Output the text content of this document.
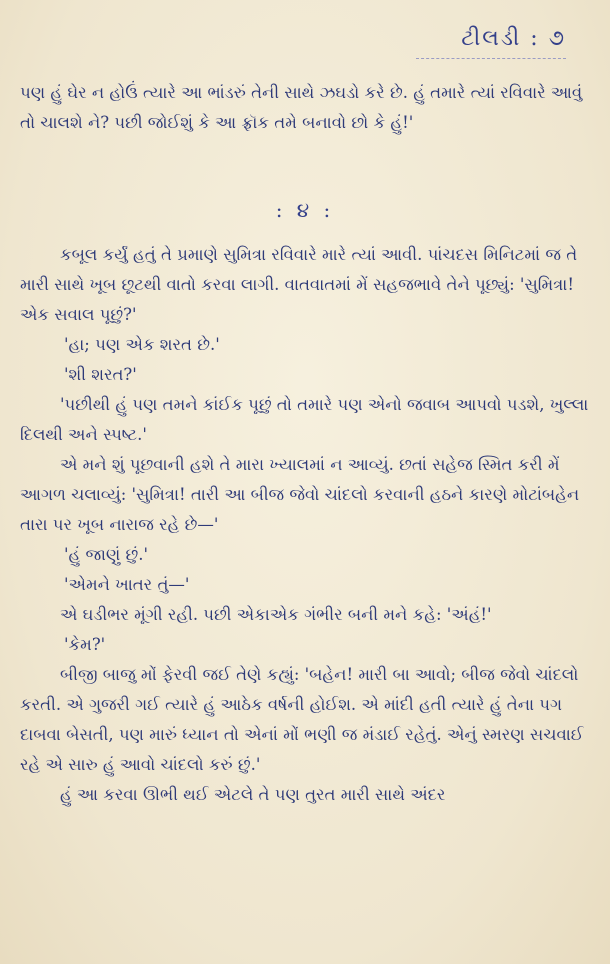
ટીલડી : ૭

પણ હું ઘેર ન હોઉં ત્યારે આ ભાંડરું તેની સાથે ઝઘડો કરે છે. હું તમારે ત્યાં રવિવારે આવું તો ચાલશે ને? પછી જોઈશું કે આ ફ્રૉક તમે બનાવો છો કે હું!'

: ૪ :

કબૂલ કર્યું હતું તે પ્રમાણે સુમિત્રા રવિવારે મારે ત્યાં આવી. પાંચદસ મિનિટમાં જ તે મારી સાથે ખૂબ છૂટથી વાતો કરવા લાગી. વાતવાતમાં મેં સહજભાવે તેને પૂછ્યું: 'સુમિત્રા! એક સવાલ પૂછું?'

'હા; પણ એક શરત છે.'

'શી શરત?'

'પછીથી હું પણ તમને કાંઈક પૂછું તો તમારે પણ એનો જવાબ આપવો પડશે, ખુલ્લા દિલથી અને સ્પષ્ટ.'

એ મને શું પૂછવાની હશે તે મારા ખ્યાલમાં ન આવ્યું. છતાં સહેજ સ્મિત કરી મેં આગળ ચલાવ્યું: 'સુમિત્રા! તારી આ બીજ જેવો ચાંદલો કરવાની હઠને કારણે મોટાંબહેન તારા પર ખૂબ નારાજ રહે છે—'

'હું જાણું છું.'

'એમને ખાતર તું—'

એ ઘડીભર મૂંગી રહી. પછી એકાએક ગંભીર બની મને કહે: 'અંહં!'

'કેમ?'

બીજી બાજુ મોં ફેરવી જઈ તેણે કહ્યું: 'બહેન! મારી બા આવો; બીજ જેવો ચાંદલો કરતી. એ ગુજરી ગઈ ત્યારે હું આઠેક વર્ષની હોઈશ. એ માંદી હતી ત્યારે હું તેના પગ દાબવા બેસતી, પણ મારું ધ્યાન તો એનાં મોં ભણી જ મંડાઈ રહેતું. એનું સ્મરણ સચવાઈ રહે એ સારુ હું આવો ચાંદલો કરું છું.'

હું આ કરવા ઊભી થઈ એટલે તે પણ તુરત મારી સાથે અંદર
